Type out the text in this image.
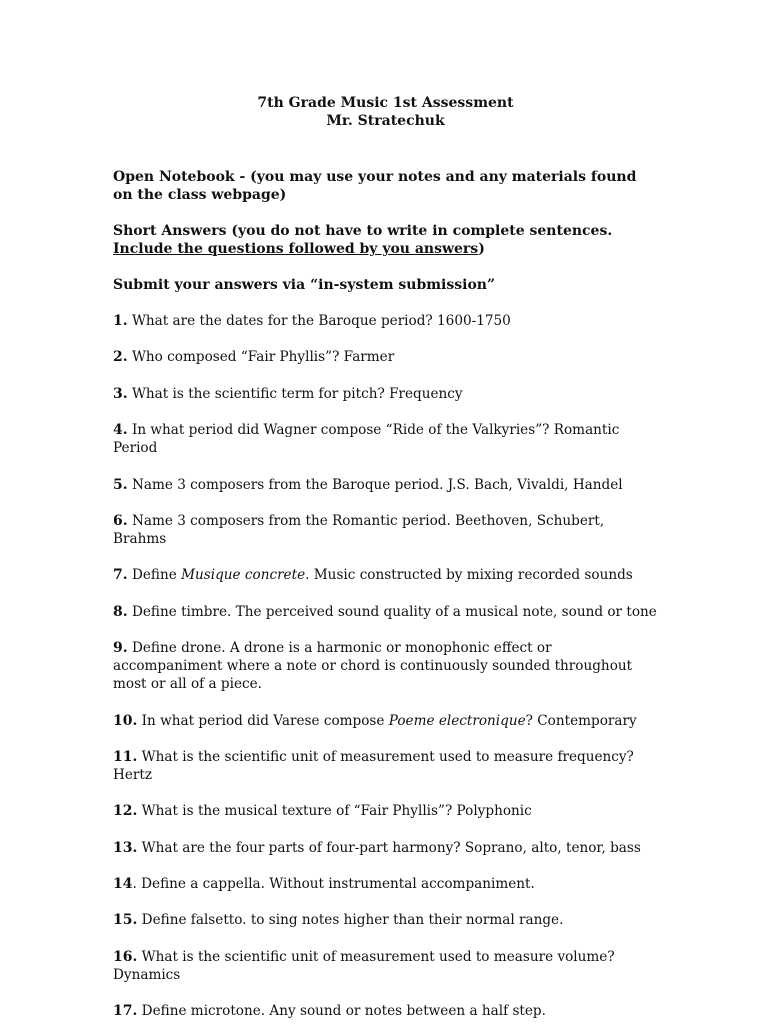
7th Grade Music 1st Assessment
Mr. Stratechuk

Open Notebook - (you may use your notes and any materials found on the class webpage)

Short Answers (you do not have to write in complete sentences. Include the questions followed by you answers)

Submit your answers via “in-system submission”

1. What are the dates for the Baroque period? 1600-1750
2. Who composed “Fair Phyllis”? Farmer
3. What is the scientific term for pitch? Frequency
4. In what period did Wagner compose “Ride of the Valkyries”? Romantic Period
5. Name 3 composers from the Baroque period. J.S. Bach, Vivaldi, Handel
6. Name 3 composers from the Romantic period. Beethoven, Schubert, Brahms
7. Define Musique concrete. Music constructed by mixing recorded sounds
8. Define timbre. The perceived sound quality of a musical note, sound or tone
9. Define drone. A drone is a harmonic or monophonic effect or accompaniment where a note or chord is continuously sounded throughout most or all of a piece.
10. In what period did Varese compose Poeme electronique? Contemporary
11. What is the scientific unit of measurement used to measure frequency? Hertz
12. What is the musical texture of “Fair Phyllis”? Polyphonic
13. What are the four parts of four-part harmony? Soprano, alto, tenor, bass
14. Define a cappella. Without instrumental accompaniment.
15. Define falsetto. to sing notes higher than their normal range.
16. What is the scientific unit of measurement used to measure volume? Dynamics
17. Define microtone. Any sound or notes between a half step.
